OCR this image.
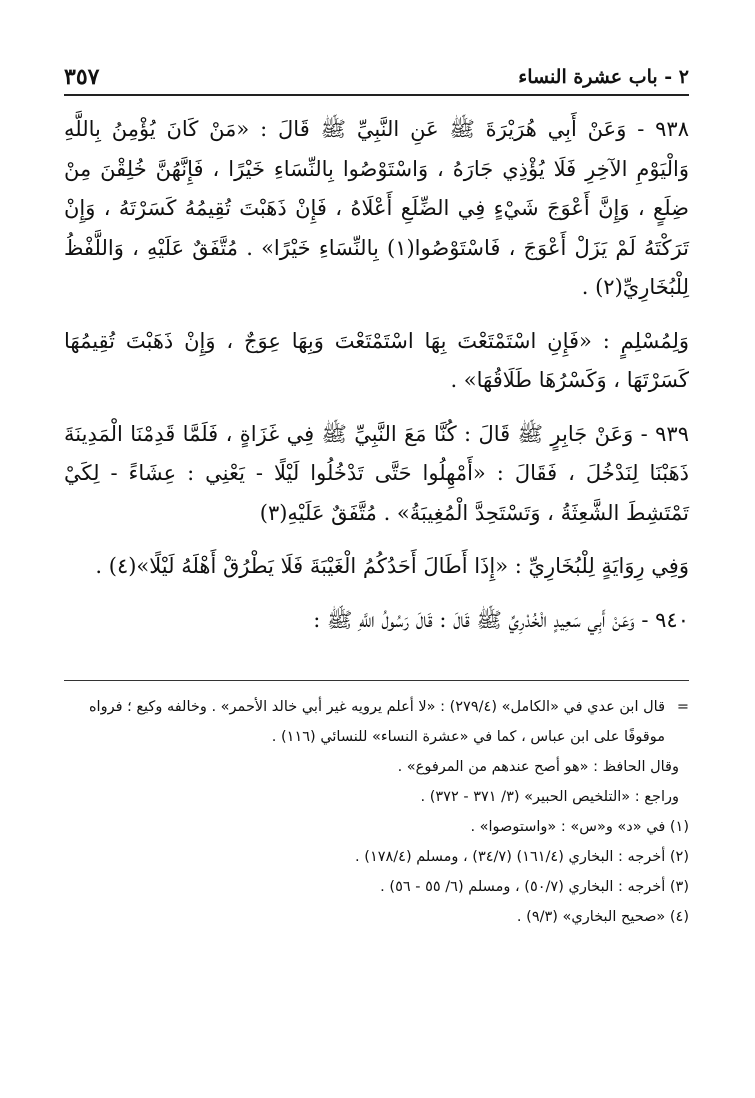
٢ - باب عشرة النساء
٣٥٧

٩٣٨ - وَعَنْ أَبِي هُرَيْرَةَ ﷺ عَنِ النَّبِيِّ ﷺ قَالَ : «مَنْ كَانَ يُؤْمِنُ بِاللَّهِ وَالْيَوْمِ الآخِرِ فَلَا يُؤْذِي جَارَهُ ، وَاسْتَوْصُوا بِالنِّسَاءِ خَيْرًا ، فَإِنَّهُنَّ خُلِقْنَ مِنْ ضِلَعٍ ، وَإِنَّ أَعْوَجَ شَيْءٍ فِي الضِّلَعِ أَعْلَاهُ ، فَإِنْ ذَهَبْتَ تُقِيمُهُ كَسَرْتَهُ ، وَإِنْ تَرَكْتَهُ لَمْ يَزَلْ أَعْوَجَ ، فَاسْتَوْصُوا(١) بِالنِّسَاءِ خَيْرًا» . مُتَّفَقٌ عَلَيْهِ ، وَاللَّفْظُ لِلْبُخَارِيِّ(٢) .

وَلِمُسْلِمٍ : «فَإِنِ اسْتَمْتَعْتَ بِهَا اسْتَمْتَعْتَ وَبِهَا عِوَجٌ ، وَإِنْ ذَهَبْتَ تُقِيمُهَا كَسَرْتَهَا ، وَكَسْرُهَا طَلَاقُهَا» .

٩٣٩ - وَعَنْ جَابِرٍ ﷺ قَالَ : كُنَّا مَعَ النَّبِيِّ ﷺ فِي غَزَاةٍ ، فَلَمَّا قَدِمْنَا الْمَدِينَةَ ذَهَبْنَا لِنَدْخُلَ ، فَقَالَ : «أَمْهِلُوا حَتَّى تَدْخُلُوا لَيْلًا - يَعْنِي : عِشَاءً - لِكَيْ تَمْتَشِطَ الشَّعِثَةُ ، وَتَسْتَحِدَّ الْمُغِيبَةُ» . مُتَّفَقٌ عَلَيْهِ(٣)

وَفِي رِوَايَةٍ لِلْبُخَارِيِّ : «إِذَا أَطَالَ أَحَدُكُمُ الْغَيْبَةَ فَلَا يَطْرُقْ أَهْلَهُ لَيْلًا»(٤) .

٩٤٠ - وَعَنْ أَبِي سَعِيدٍ الْخُدْرِيِّ ﷺ قَالَ : قَالَ رَسُولُ اللَّهِ ﷺ :

=

قال ابن عدي في «الكامل» (٢٧٩/٤) : «لا أعلم يرويه غير أبي خالد الأحمر» . وخالفه وكيع ؛ فرواه موقوفًا على ابن عباس ، كما في «عشرة النساء» للنسائي (١١٦) .

وقال الحافظ : «هو أصح عندهم من المرفوع» .

وراجع : «التلخيص الحبير» (٣/ ٣٧١ - ٣٧٢) .

(١) في «د» و«س» : «واستوصوا» .

(٢) أخرجه : البخاري (١٦١/٤) (٣٤/٧) ، ومسلم (١٧٨/٤) .

(٣) أخرجه : البخاري (٥٠/٧) ، ومسلم (٦/ ٥٥ - ٥٦) .

(٤) «صحيح البخاري» (٩/٣) .
